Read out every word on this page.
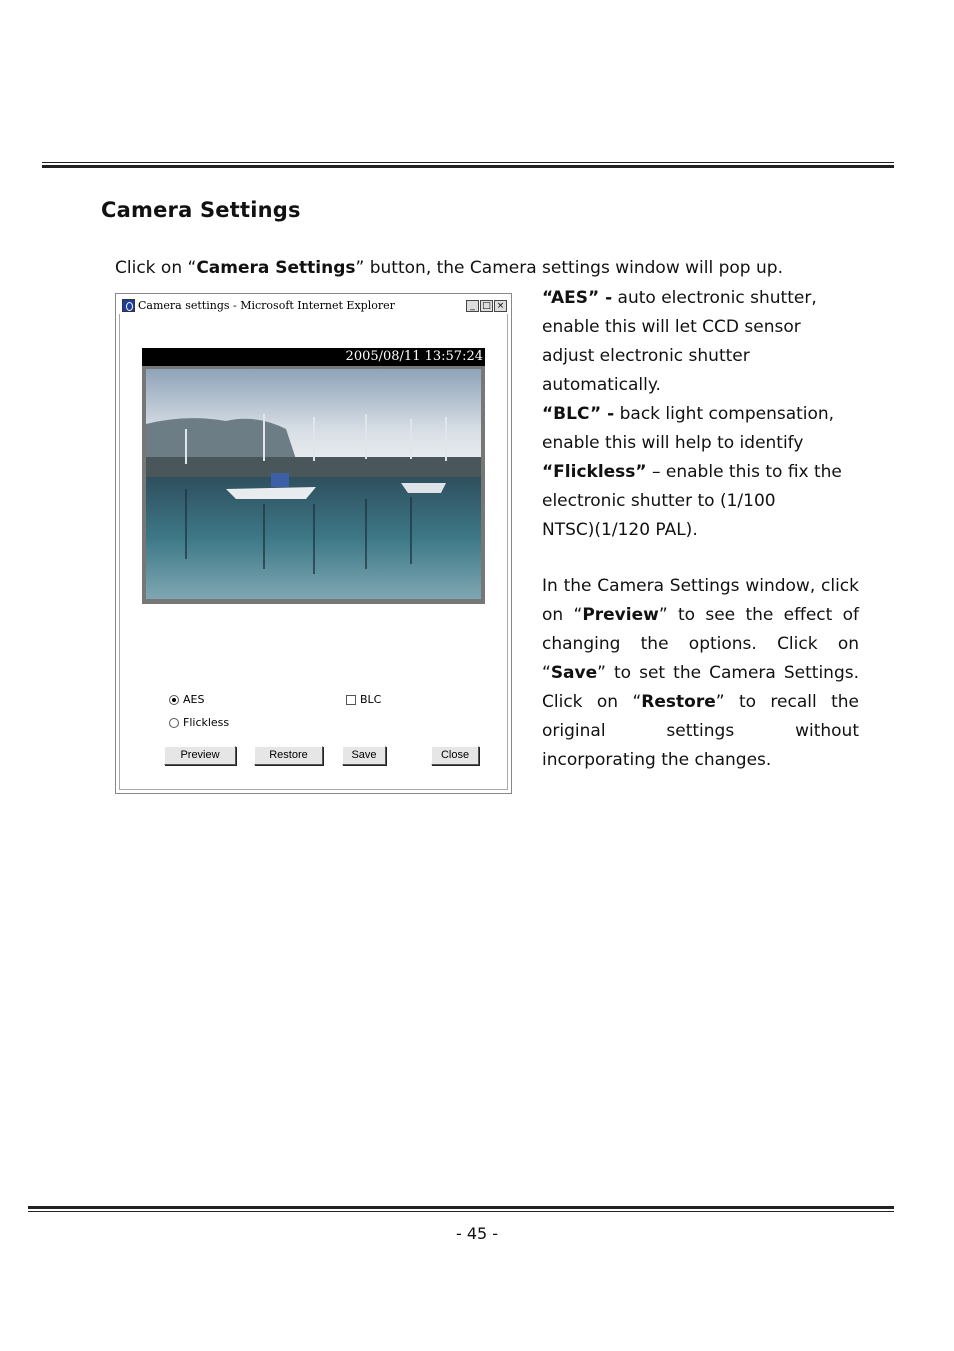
Camera Settings
Click on “Camera Settings” button, the Camera settings window will pop up.
Camera settings - Microsoft Internet Explorer	_ □ ×
2005/08/11 13:57:24
AES	BLC
Flickless
Preview	Restore	Save	Close
“AES” - auto electronic shutter,
enable this will let CCD sensor
adjust electronic shutter
automatically.
“BLC” - back light compensation,
enable this will help to identify
“Flickless” – enable this to fix the
electronic shutter to (1/100
NTSC)(1/120 PAL).
In the Camera Settings window, click on “Preview” to see the effect of changing the options. Click on “Save” to set the Camera Settings. Click on “Restore” to recall the original settings without incorporating the changes.
- 45 -
